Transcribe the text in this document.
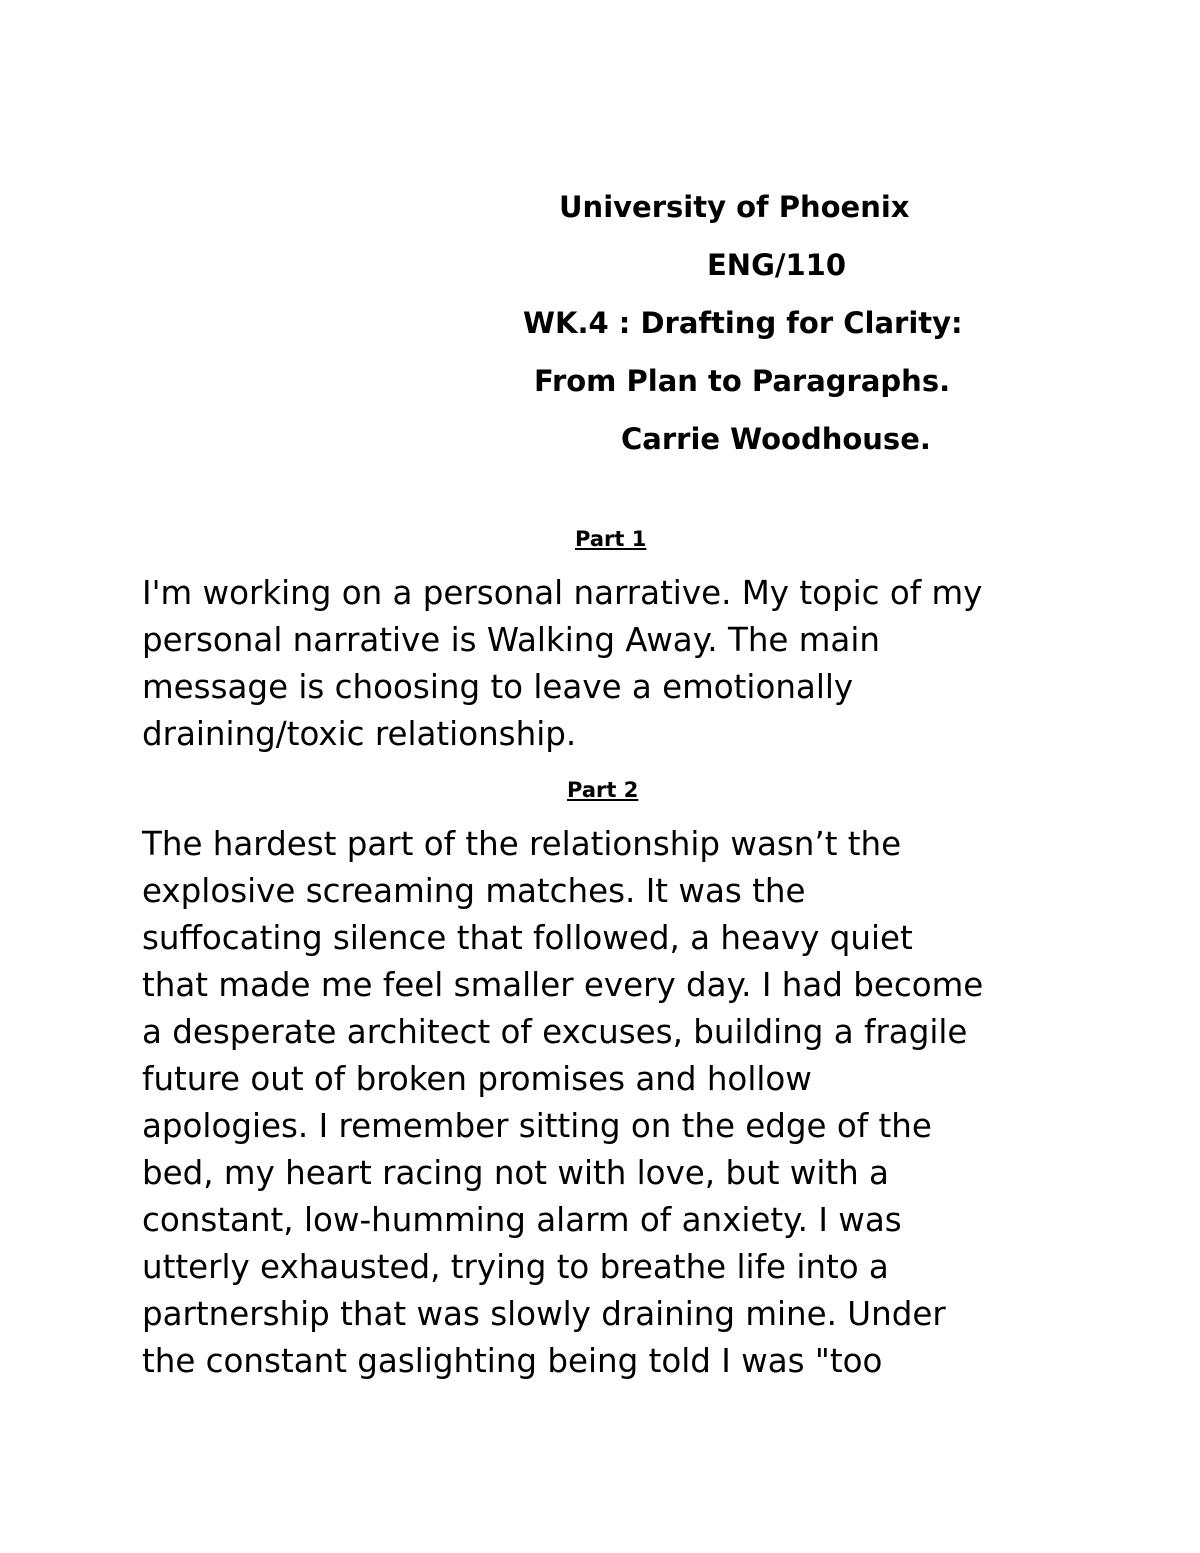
University of Phoenix

ENG/110

WK.4 : Drafting for Clarity:

From Plan to Paragraphs.

Carrie Woodhouse.

Part 1

I'm working on a personal narrative. My topic of my

personal narrative is Walking Away. The main

message is choosing to leave a emotionally

draining/toxic relationship.

Part 2

The hardest part of the relationship wasn’t the

explosive screaming matches. It was the

suffocating silence that followed, a heavy quiet

that made me feel smaller every day. I had become

a desperate architect of excuses, building a fragile

future out of broken promises and hollow

apologies. I remember sitting on the edge of the

bed, my heart racing not with love, but with a

constant, low-humming alarm of anxiety. I was

utterly exhausted, trying to breathe life into a

partnership that was slowly draining mine. Under

the constant gaslighting being told I was "too
